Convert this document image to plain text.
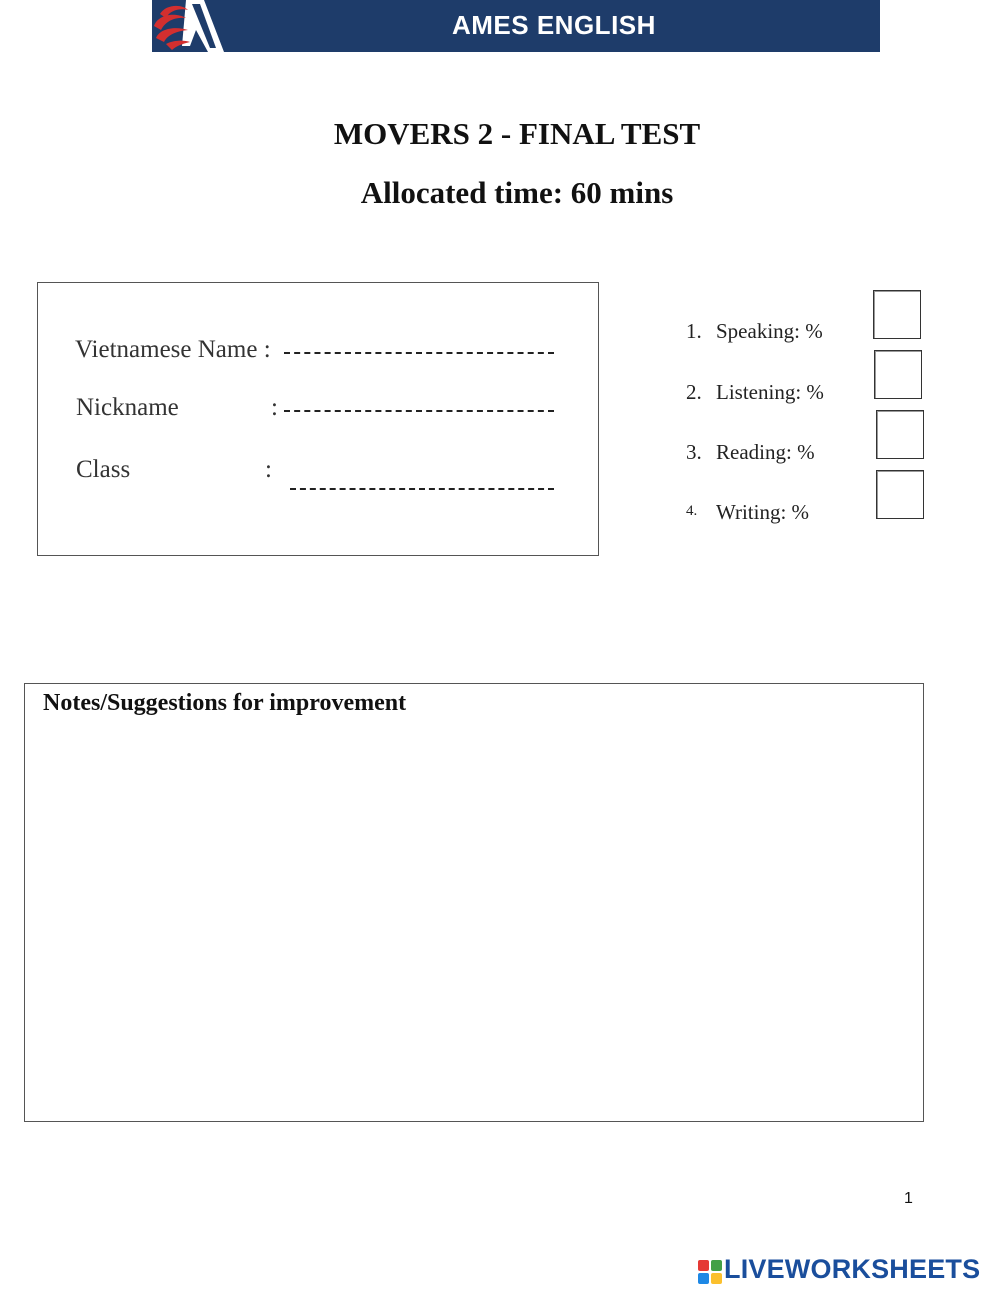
AMES ENGLISH
MOVERS 2 - FINAL TEST
Allocated time: 60 mins
Vietnamese Name :
Nickname	:
Class	:
1. Speaking: %
2. Listening: %
3. Reading: %
4. Writing: %
Notes/Suggestions for improvement
1
LIVEWORKSHEETS
